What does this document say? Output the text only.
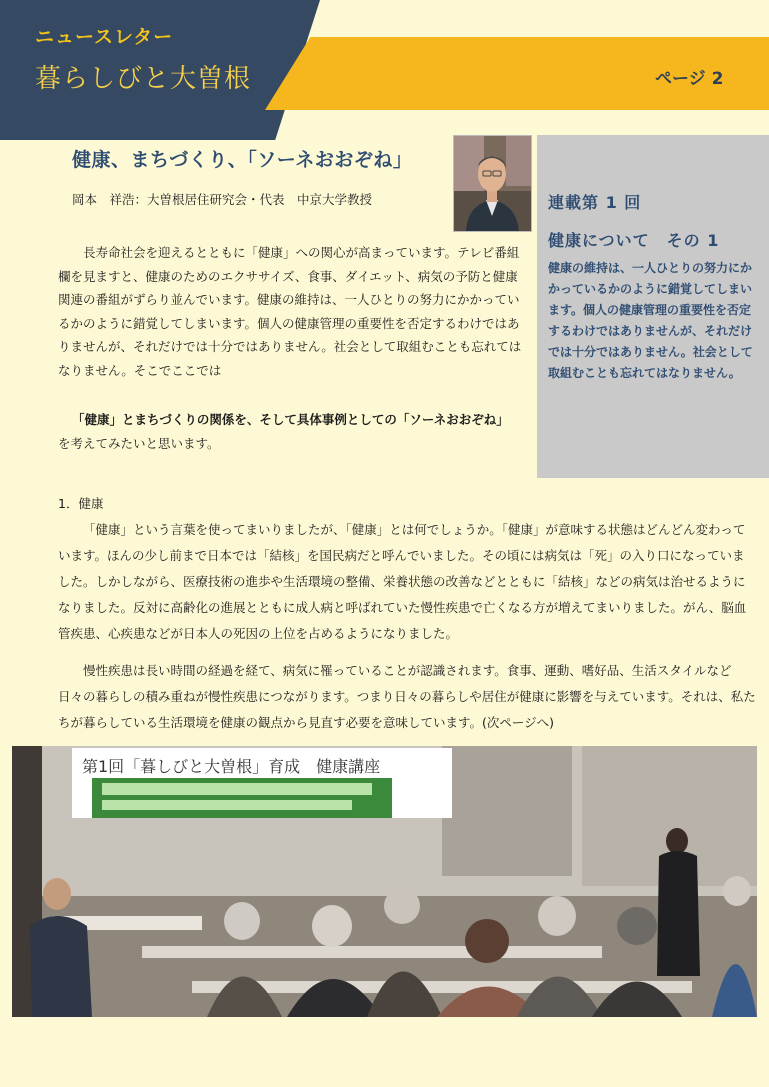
ニュースレター
暮らしびと大曽根	ページ 2
健康、まちづくり、「ソーネおおぞね」
岡本　祥浩：大曽根居住研究会・代表　中京大学教授	連載第 1 回
健康について　その 1

健康の維持は、一人ひとりの努力にかかっているかのように錯覚してしまいます。個人の健康管理の重要性を否定するわけではありませんが、それだけでは十分ではありません。社会として取組むことも忘れてはなりません。

長寿命社会を迎えるとともに「健康」への関心が高まっています。テレビ番組欄を見ますと、健康のためのエクササイズ、食事、ダイエット、病気の予防と健康関連の番組がずらり並んでいます。健康の維持は、一人ひとりの努力にかかっているかのように錯覚してしまいます。個人の健康管理の重要性を否定するわけではありませんが、それだけでは十分ではありません。社会として取組むことも忘れてはなりません。そこでここでは

「健康」とまちづくりの関係を、そして具体事例としての「ソーネおおぞね」

を考えてみたいと思います。

1．健康

「健康」という言葉を使ってまいりましたが、「健康」とは何でしょうか。「健康」が意味する状態はどんどん変わっています。ほんの少し前まで日本では「結核」を国民病だと呼んでいました。その頃には病気は「死」の入り口になっていました。しかしながら、医療技術の進歩や生活環境の整備、栄養状態の改善などとともに「結核」などの病気は治せるようになりました。反対に高齢化の進展とともに成人病と呼ばれていた慢性疾患で亡くなる方が増えてまいりました。がん、脳血管疾患、心疾患などが日本人の死因の上位を占めるようになりました。

慢性疾患は長い時間の経過を経て、病気に罹っていることが認識されます。食事、運動、嗜好品、生活スタイルなど日々の暮らしの積み重ねが慢性疾患につながります。つまり日々の暮らしや居住が健康に影響を与えています。それは、私たちが暮らしている生活環境を健康の観点から見直す必要を意味しています。(次ページへ)

第1回「暮しびと大曽根」育成　健康講座
